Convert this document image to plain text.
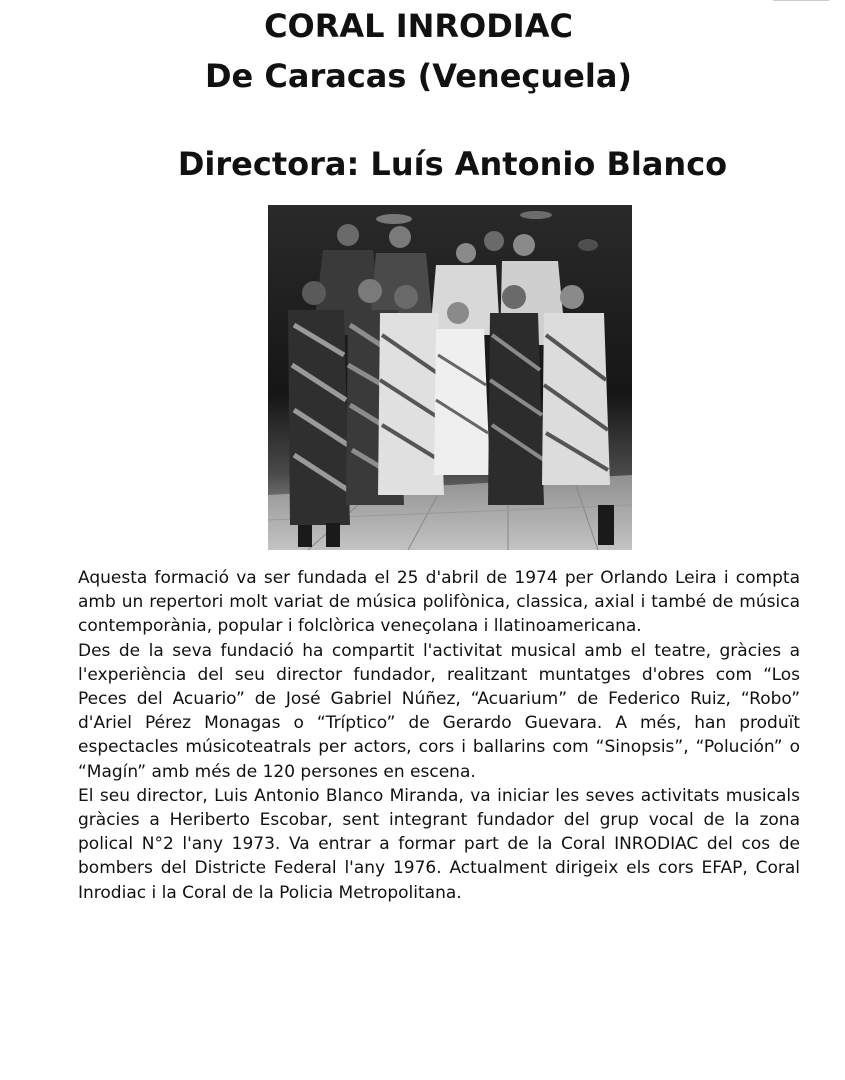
CORAL INRODIAC
De Caracas (Veneçuela)
Directora: Luís Antonio Blanco

Aquesta formació va ser fundada el 25 d'abril de 1974 per Orlando Leira i compta amb un repertori molt variat de música polifònica, classica, axial i també de música contemporània, popular i folclòrica veneçolana i llatinoamericana.

Des de la seva fundació ha compartit l'activitat musical amb el teatre, gràcies a l'experiència del seu director fundador, realitzant muntatges d'obres com “Los Peces del Acuario” de José Gabriel Núñez, “Acuarium” de Federico Ruiz, “Robo” d'Ariel Pérez Monagas o “Tríptico” de Gerardo Guevara. A més, han produït espectacles músicoteatrals per actors, cors i ballarins com “Sinopsis”, “Polución” o “Magín” amb més de 120 persones en escena.

El seu director, Luis Antonio Blanco Miranda, va iniciar les seves activitats musicals gràcies a Heriberto Escobar, sent integrant fundador del grup vocal de la zona polical N°2 l'any 1973. Va entrar a formar part de la Coral INRODIAC del cos de bombers del Districte Federal l'any 1976. Actualment dirigeix els cors EFAP, Coral Inrodiac i la Coral de la Policia Metropolitana.
